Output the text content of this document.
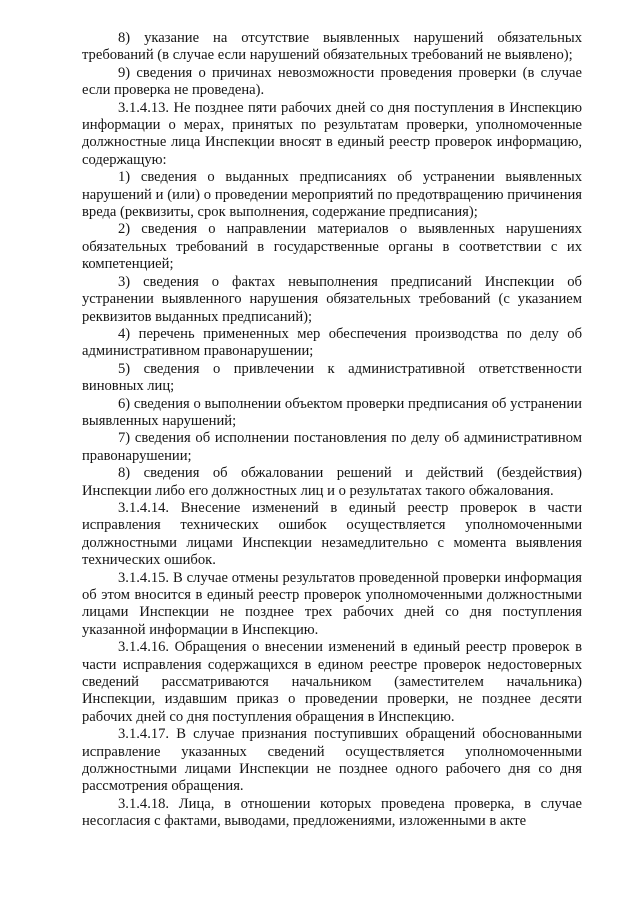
8) указание на отсутствие выявленных нарушений обязательных требований (в случае если нарушений обязательных требований не выявлено);

9) сведения о причинах невозможности проведения проверки (в случае если проверка не проведена).

3.1.4.13. Не позднее пяти рабочих дней со дня поступления в Инспекцию информации о мерах, принятых по результатам проверки, уполномоченные должностные лица Инспекции вносят в единый реестр проверок информацию, содержащую:

1) сведения о выданных предписаниях об устранении выявленных нарушений и (или) о проведении мероприятий по предотвращению причинения вреда (реквизиты, срок выполнения, содержание предписания);

2) сведения о направлении материалов о выявленных нарушениях обязательных требований в государственные органы в соответствии с их компетенцией;

3) сведения о фактах невыполнения предписаний Инспекции об устранении выявленного нарушения обязательных требований (с указанием реквизитов выданных предписаний);

4) перечень примененных мер обеспечения производства по делу об административном правонарушении;

5) сведения о привлечении к административной ответственности виновных лиц;

6) сведения о выполнении объектом проверки предписания об устранении выявленных нарушений;

7) сведения об исполнении постановления по делу об административном правонарушении;

8) сведения об обжаловании решений и действий (бездействия) Инспекции либо его должностных лиц и о результатах такого обжалования.

3.1.4.14. Внесение изменений в единый реестр проверок в части исправления технических ошибок осуществляется уполномоченными должностными лицами Инспекции незамедлительно с момента выявления технических ошибок.

3.1.4.15. В случае отмены результатов проведенной проверки информация об этом вносится в единый реестр проверок уполномоченными должностными лицами Инспекции не позднее трех рабочих дней со дня поступления указанной информации в Инспекцию.

3.1.4.16. Обращения о внесении изменений в единый реестр проверок в части исправления содержащихся в едином реестре проверок недостоверных сведений рассматриваются начальником (заместителем начальника) Инспекции, издавшим приказ о проведении проверки, не позднее десяти рабочих дней со дня поступления обращения в Инспекцию.

3.1.4.17. В случае признания поступивших обращений обоснованными исправление указанных сведений осуществляется уполномоченными должностными лицами Инспекции не позднее одного рабочего дня со дня рассмотрения обращения.

3.1.4.18. Лица, в отношении которых проведена проверка, в случае несогласия с фактами, выводами, предложениями, изложенными в акте
